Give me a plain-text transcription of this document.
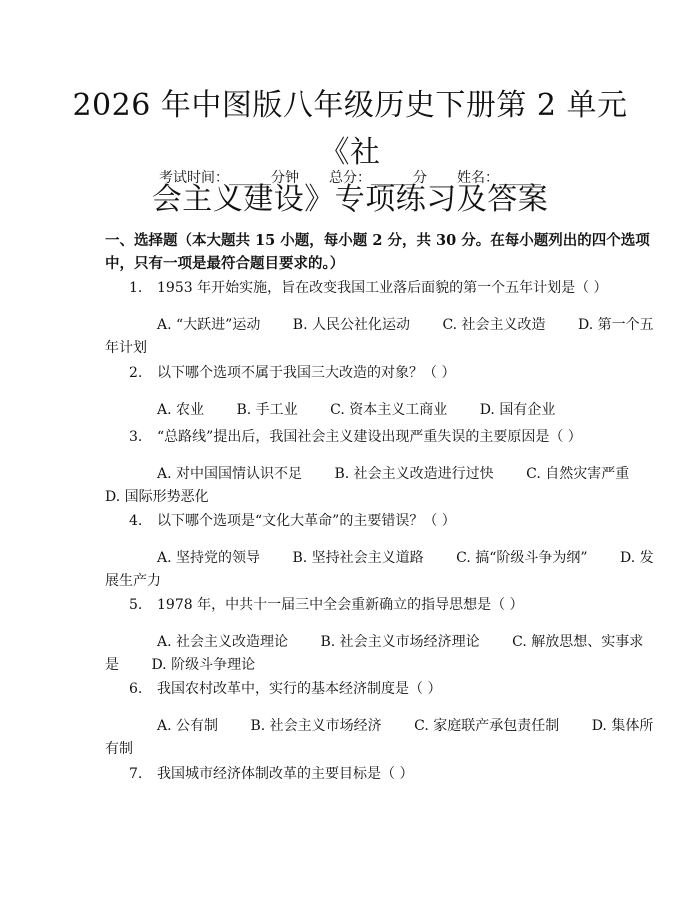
2026 年中图版八年级历史下册第 2 单元《社
会主义建设》专项练习及答案
考试时间：______分钟 总分：______分 姓名：______
一、选择题（本大题共 15 小题，每小题 2 分，共 30 分。在每小题列出的四个选项中，只有一项是最符合题目要求的。）
1. 1953 年开始实施，旨在改变我国工业落后面貌的第一个五年计划是（ ）
A. “大跃进”运动 B. 人民公社化运动 C. 社会主义改造 D. 第一个五年计划
2. 以下哪个选项不属于我国三大改造的对象？（ ）
A. 农业 B. 手工业 C. 资本主义工商业 D. 国有企业
3. “总路线”提出后，我国社会主义建设出现严重失误的主要原因是（ ）
A. 对中国国情认识不足 B. 社会主义改造进行过快 C. 自然灾害严重 D. 国际形势恶化
4. 以下哪个选项是“文化大革命”的主要错误？（ ）
A. 坚持党的领导 B. 坚持社会主义道路 C. 搞“阶级斗争为纲” D. 发展生产力
5. 1978 年，中共十一届三中全会重新确立的指导思想是（ ）
A. 社会主义改造理论 B. 社会主义市场经济理论 C. 解放思想、实事求是 D. 阶级斗争理论
6. 我国农村改革中，实行的基本经济制度是（ ）
A. 公有制 B. 社会主义市场经济 C. 家庭联产承包责任制 D. 集体所有制
7. 我国城市经济体制改革的主要目标是（ ）
